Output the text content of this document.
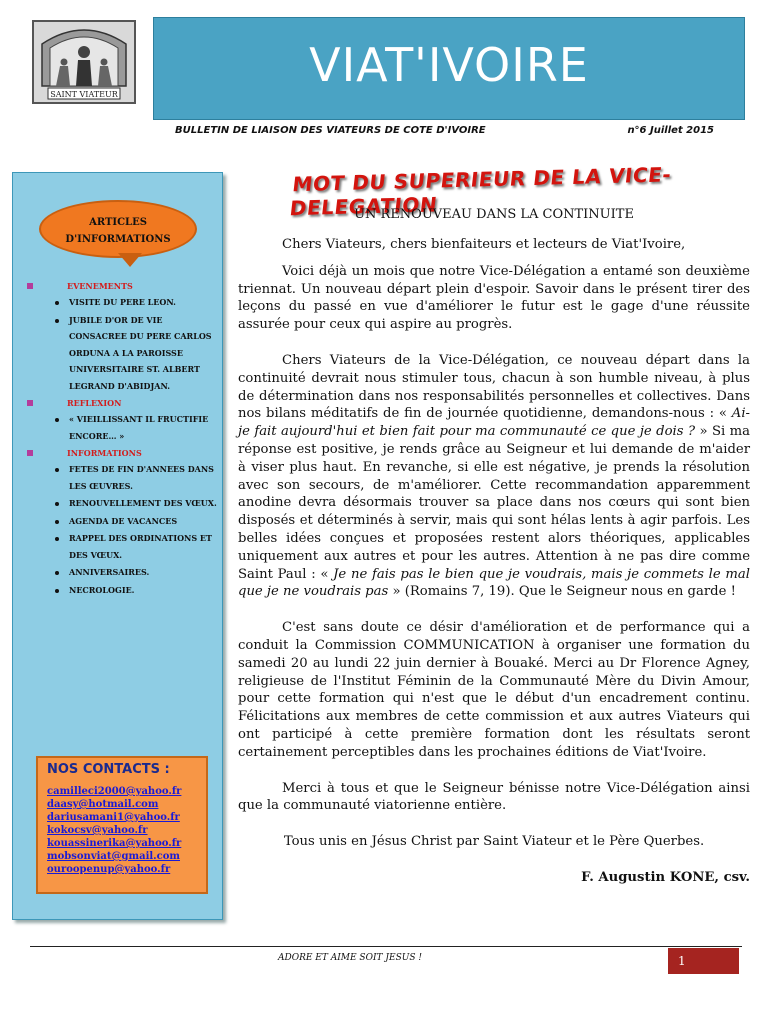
SAINT VIATEUR
VIAT'IVOIRE
BULLETIN DE LIAISON DES VIATEURS DE COTE D'IVOIRE	n°6 Juillet 2015
ARTICLES
D'INFORMATIONS
EVENEMENTS
VISITE DU PERE LEON.
JUBILE D'OR DE VIE CONSACREE DU PERE CARLOS ORDUNA A LA PAROISSE UNIVERSITAIRE ST. ALBERT LEGRAND D'ABIDJAN.
REFLEXION
« VIEILLISSANT IL FRUCTIFIE ENCORE… »
INFORMATIONS
FETES DE FIN D'ANNEES DANS LES ŒUVRES.
RENOUVELLEMENT DES VŒUX.
AGENDA DE VACANCES
RAPPEL DES ORDINATIONS ET DES VŒUX.
ANNIVERSAIRES.
NECROLOGIE.
NOS CONTACTS :
camilleci2000@yahoo.fr
daasy@hotmail.com
dariusamani1@yahoo.fr
kokocsv@yahoo.fr
kouassinerika@yahoo.fr
mobsonviat@gmail.com
ouroopenup@yahoo.fr
MOT DU SUPERIEUR DE LA VICE-DELEGATION
UN RENOUVEAU DANS LA CONTINUITE

Chers Viateurs, chers bienfaiteurs et lecteurs de Viat'Ivoire,

Voici déjà un mois que notre Vice-Délégation a entamé son deuxième triennat. Un nouveau départ plein d'espoir. Savoir dans le présent tirer des leçons du passé en vue d'améliorer le futur est le gage d'une réussite assurée pour ceux qui aspire au progrès.

Chers Viateurs de la Vice-Délégation, ce nouveau départ dans la continuité devrait nous stimuler tous, chacun à son humble niveau, à plus de détermination dans nos responsabilités personnelles et collectives. Dans nos bilans méditatifs de fin de journée quotidienne, demandons-nous : « Ai-je fait aujourd'hui et bien fait pour ma communauté ce que je dois ? » Si ma réponse est positive, je rends grâce au Seigneur et lui demande de m'aider à viser plus haut. En revanche, si elle est négative, je prends la résolution avec son secours, de m'améliorer. Cette recommandation apparemment anodine devra désormais trouver sa place dans nos cœurs qui sont bien disposés et déterminés à servir, mais qui sont hélas lents à agir parfois. Les belles idées conçues et proposées restent alors théoriques, applicables uniquement aux autres et pour les autres. Attention à ne pas dire comme Saint Paul : « Je ne fais pas le bien que je voudrais, mais je commets le mal que je ne voudrais pas » (Romains 7, 19). Que le Seigneur nous en garde !

C'est sans doute ce désir d'amélioration et de performance qui a conduit la Commission COMMUNICATION à organiser une formation du samedi 20 au lundi 22 juin dernier à Bouaké. Merci au Dr Florence Agney, religieuse de l'Institut Féminin de la Communauté Mère du Divin Amour, pour cette formation qui n'est que le début d'un encadrement continu. Félicitations aux membres de cette commission et aux autres Viateurs qui ont participé à cette première formation dont les résultats seront certainement perceptibles dans les prochaines éditions de Viat'Ivoire.

Merci à tous et que le Seigneur bénisse notre Vice-Délégation ainsi que la communauté viatorienne entière.

Tous unis en Jésus Christ par Saint Viateur et le Père Querbes.

F. Augustin KONE, csv.

ADORE ET AIME SOIT JESUS !	1
